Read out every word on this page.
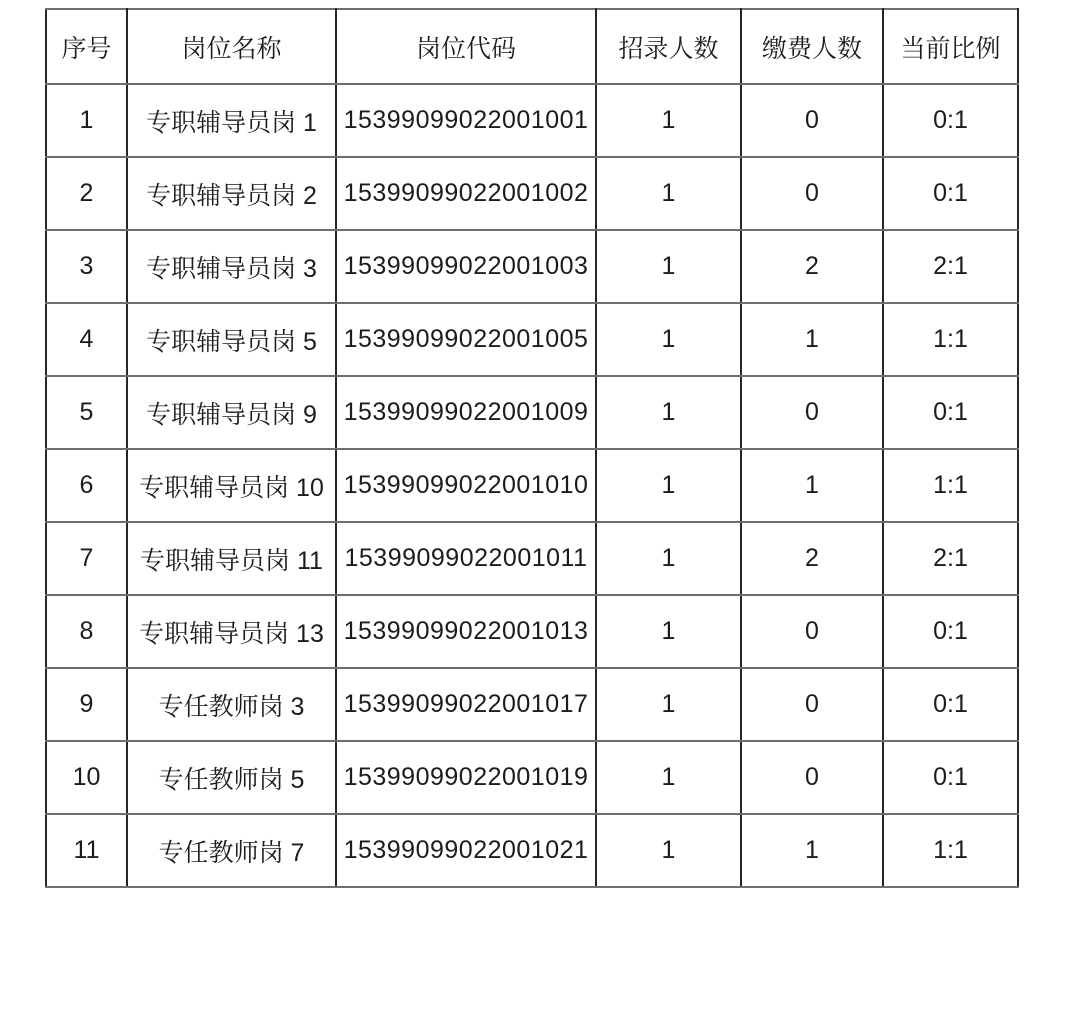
序号	岗位名称	岗位代码	招录人数	缴费人数	当前比例
1	专职辅导员岗 1	15399099022001001	1	0	0:1
2	专职辅导员岗 2	15399099022001002	1	0	0:1
3	专职辅导员岗 3	15399099022001003	1	2	2:1
4	专职辅导员岗 5	15399099022001005	1	1	1:1
5	专职辅导员岗 9	15399099022001009	1	0	0:1
6	专职辅导员岗 10	15399099022001010	1	1	1:1
7	专职辅导员岗 11	15399099022001011	1	2	2:1
8	专职辅导员岗 13	15399099022001013	1	0	0:1
9	专任教师岗 3	15399099022001017	1	0	0:1
10	专任教师岗 5	15399099022001019	1	0	0:1
11	专任教师岗 7	15399099022001021	1	1	1:1
